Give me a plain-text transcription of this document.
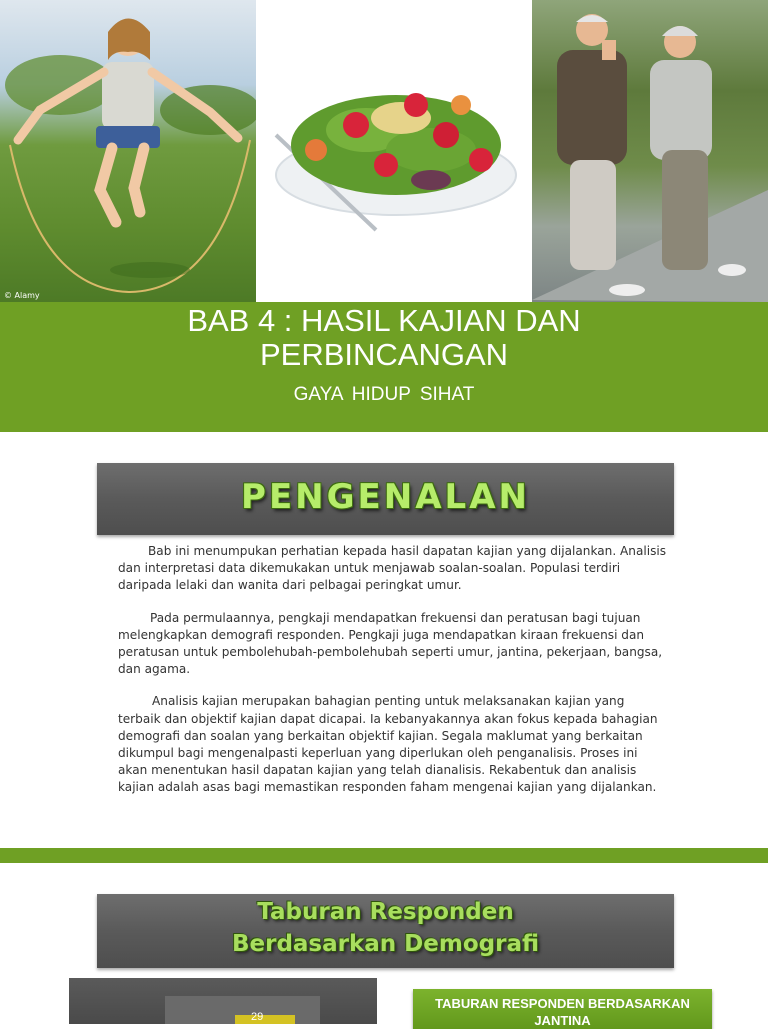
© Alamy
BAB 4 : HASIL KAJIAN DAN
PERBINCANGAN
GAYA HIDUP SIHAT
PENGENALAN

Bab ini menumpukan perhatian kepada hasil dapatan kajian yang dijalankan. Analisis dan interpretasi data dikemukakan untuk menjawab soalan-soalan. Populasi terdiri daripada lelaki dan wanita dari pelbagai peringkat umur.

Pada permulaannya, pengkaji mendapatkan frekuensi dan peratusan bagi tujuan melengkapkan demografi responden. Pengkaji juga mendapatkan kiraan frekuensi dan peratusan untuk pembolehubah-pembolehubah seperti umur, jantina, pekerjaan, bangsa, dan agama.

Analisis kajian merupakan bahagian penting untuk melaksanakan kajian yang terbaik dan objektif kajian dapat dicapai. Ia kebanyakannya akan fokus kepada bahagian demografi dan soalan yang berkaitan objektif kajian. Segala maklumat yang berkaitan dikumpul bagi mengenalpasti keperluan yang diperlukan oleh penganalisis. Proses ini akan menentukan hasil dapatan kajian yang telah dianalisis. Rekabentuk dan analisis kajian adalah asas bagi memastikan responden faham mengenai kajian yang dijalankan.

Taburan Responden
Berdasarkan Demografi
29
TABURAN RESPONDEN BERDASARKAN
JANTINA
